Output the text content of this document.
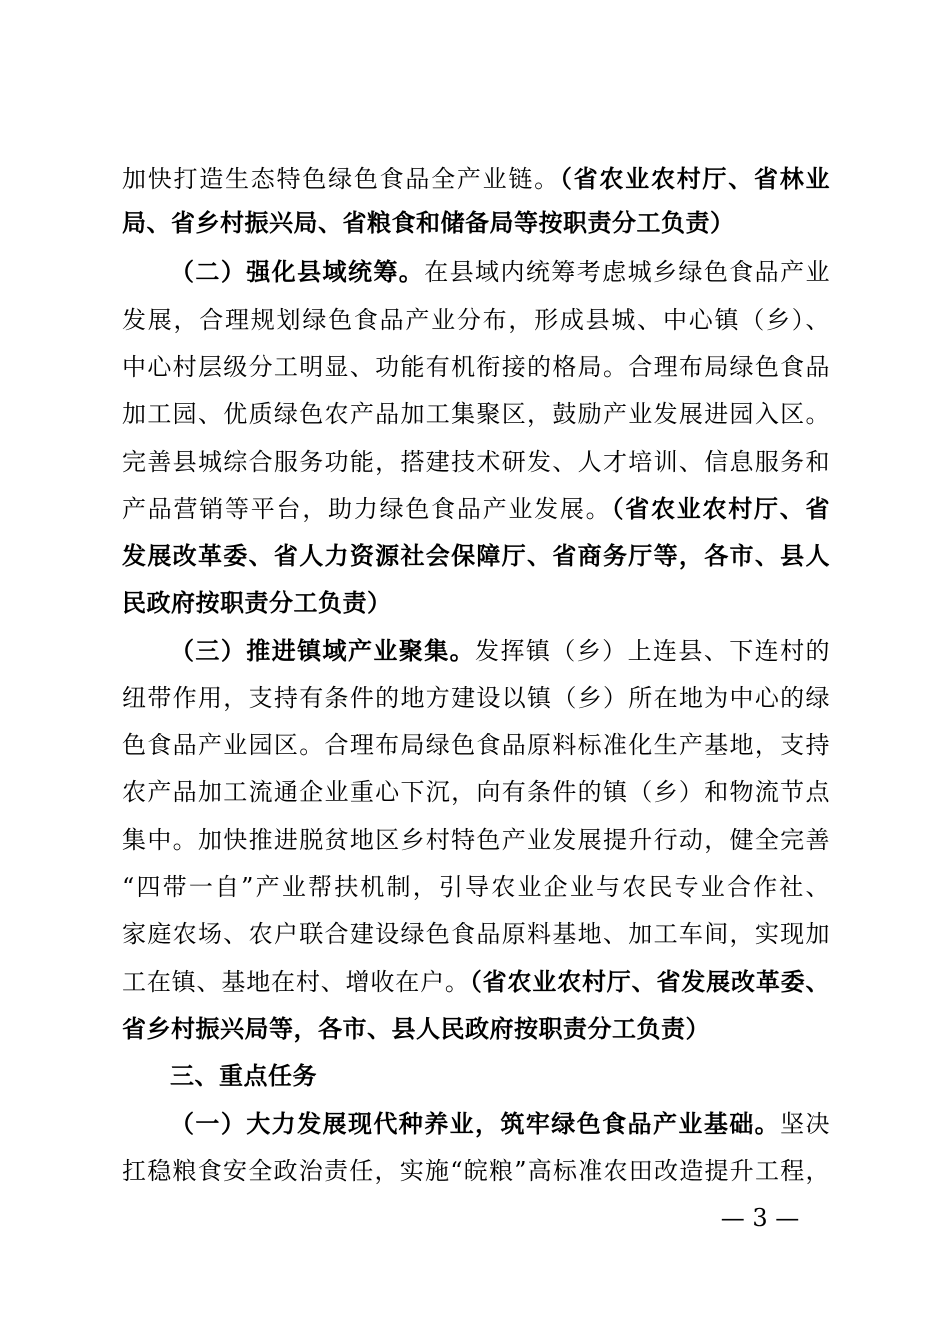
加快打造生态特色绿色食品全产业链。（省农业农村厅、省林业
局、省乡村振兴局、省粮食和储备局等按职责分工负责）
（二）强化县域统筹。在县域内统筹考虑城乡绿色食品产业
发展，合理规划绿色食品产业分布，形成县城、中心镇（乡）、
中心村层级分工明显、功能有机衔接的格局。合理布局绿色食品
加工园、优质绿色农产品加工集聚区，鼓励产业发展进园入区。
完善县城综合服务功能，搭建技术研发、人才培训、信息服务和
产品营销等平台，助力绿色食品产业发展。（省农业农村厅、省
发展改革委、省人力资源社会保障厅、省商务厅等，各市、县人
民政府按职责分工负责）
（三）推进镇域产业聚集。发挥镇（乡）上连县、下连村的
纽带作用，支持有条件的地方建设以镇（乡）所在地为中心的绿
色食品产业园区。合理布局绿色食品原料标准化生产基地，支持
农产品加工流通企业重心下沉，向有条件的镇（乡）和物流节点
集中。加快推进脱贫地区乡村特色产业发展提升行动，健全完善
“四带一自”产业帮扶机制，引导农业企业与农民专业合作社、
家庭农场、农户联合建设绿色食品原料基地、加工车间，实现加
工在镇、基地在村、增收在户。（省农业农村厅、省发展改革委、
省乡村振兴局等，各市、县人民政府按职责分工负责）
三、重点任务
（一）大力发展现代种养业，筑牢绿色食品产业基础。坚决
扛稳粮食安全政治责任，实施“皖粮”高标准农田改造提升工程，
— 3 —
